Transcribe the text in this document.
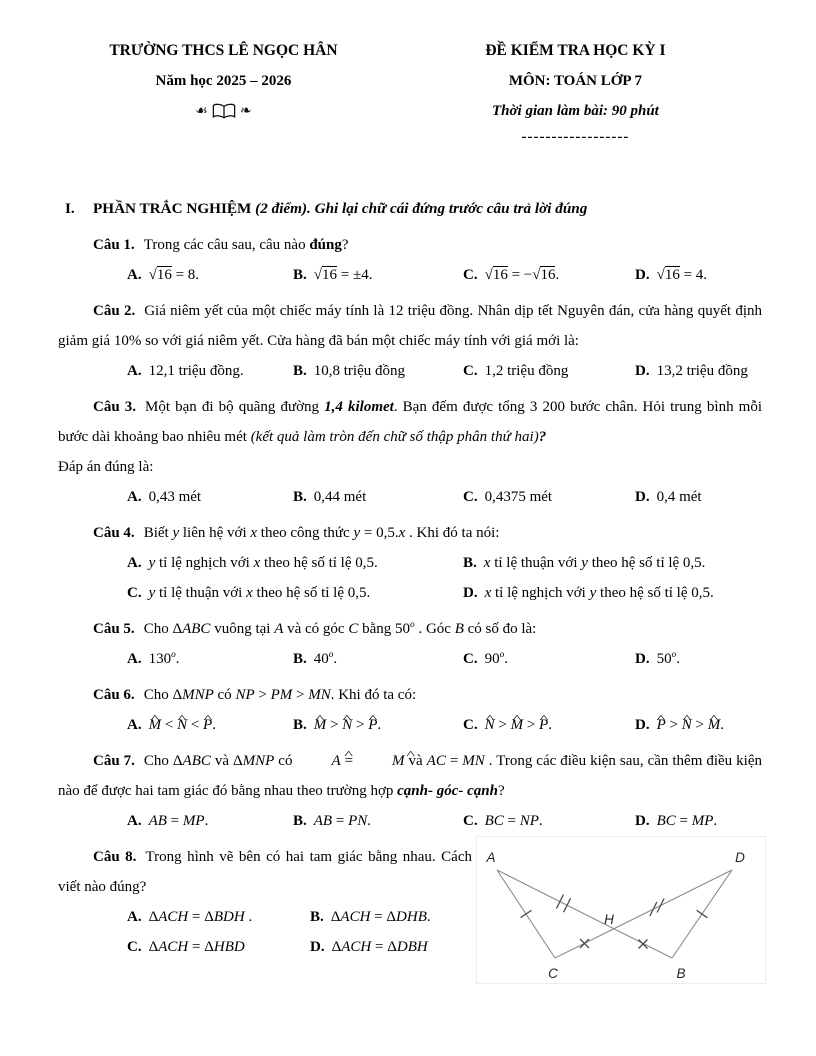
TRƯỜNG THCS LÊ NGỌC HÂN
Năm học 2025 – 2026
☙ ❧
ĐỀ KIỂM TRA HỌC KỲ I
MÔN: TOÁN LỚP 7
Thời gian làm bài: 90 phút
------------------
I.	PHẦN TRẮC NGHIỆM (2 điểm). Ghi lại chữ cái đứng trước câu trả lời đúng

Câu 1. Trong các câu sau, câu nào đúng?

A. √16 = 8.	B. √16 = ±4.	C. √16 = −√16.	D. √16 = 4.

Câu 2. Giá niêm yết của một chiếc máy tính là 12 triệu đồng. Nhân dịp tết Nguyên đán, cửa hàng quyết định giảm giá 10% so với giá niêm yết. Cửa hàng đã bán một chiếc máy tính với giá mới là:

A. 12,1 triệu đồng.	B. 10,8 triệu đồng	C. 1,2 triệu đồng	D. 13,2 triệu đồng

Câu 3. Một bạn đi bộ quãng đường 1,4 kilomet. Bạn đếm được tổng 3 200 bước chân. Hỏi trung bình mỗi bước dài khoảng bao nhiêu mét (kết quả làm tròn đến chữ số thập phân thứ hai)?

Đáp án đúng là:
A. 0,43 mét	B. 0,44 mét	C. 0,4375 mét	D. 0,4 mét

Câu 4. Biết y liên hệ với x theo công thức y = 0,5.x . Khi đó ta nói:

A. y tỉ lệ nghịch với x theo hệ số tỉ lệ 0,5.	B. x tỉ lệ thuận với y theo hệ số tỉ lệ 0,5.
C. y tỉ lệ thuận với x theo hệ số tỉ lệ 0,5.	D. x tỉ lệ nghịch với y theo hệ số tỉ lệ 0,5.

Câu 5. Cho ΔABC vuông tại A và có góc C bằng 50$^o$ . Góc B có số đo là:

A. 130$^o$.	B. 40$^o$.	C. 90$^o$.	D. 50$^o$.

Câu 6. Cho ΔMNP có NP > PM > MN. Khi đó ta có:

A. M ^ < N ^ < P ^.	B. M ^ > N ^ > P ^.	C. N ^ > M ^ > P ^.	D. P ^ > N ^ > M ^.

Câu 7. Cho ΔABC và ΔMNP có A ^ = M ^ và AC = MN . Trong các điều kiện sau, cần thêm điều kiện nào để được hai tam giác đó bằng nhau theo trường hợp cạnh- góc- cạnh?

A. AB = MP.	B. AB = PN.	C. BC = NP.	D. BC = MP.

Câu 8. Trong hình vẽ bên có hai tam giác bằng nhau. Cách viết nào đúng?

A. ΔACH = ΔBDH .	B. ΔACH = ΔDHB.
C. ΔACH = ΔHBD	D. ΔACH = ΔDBH
A	D
C	B
H
